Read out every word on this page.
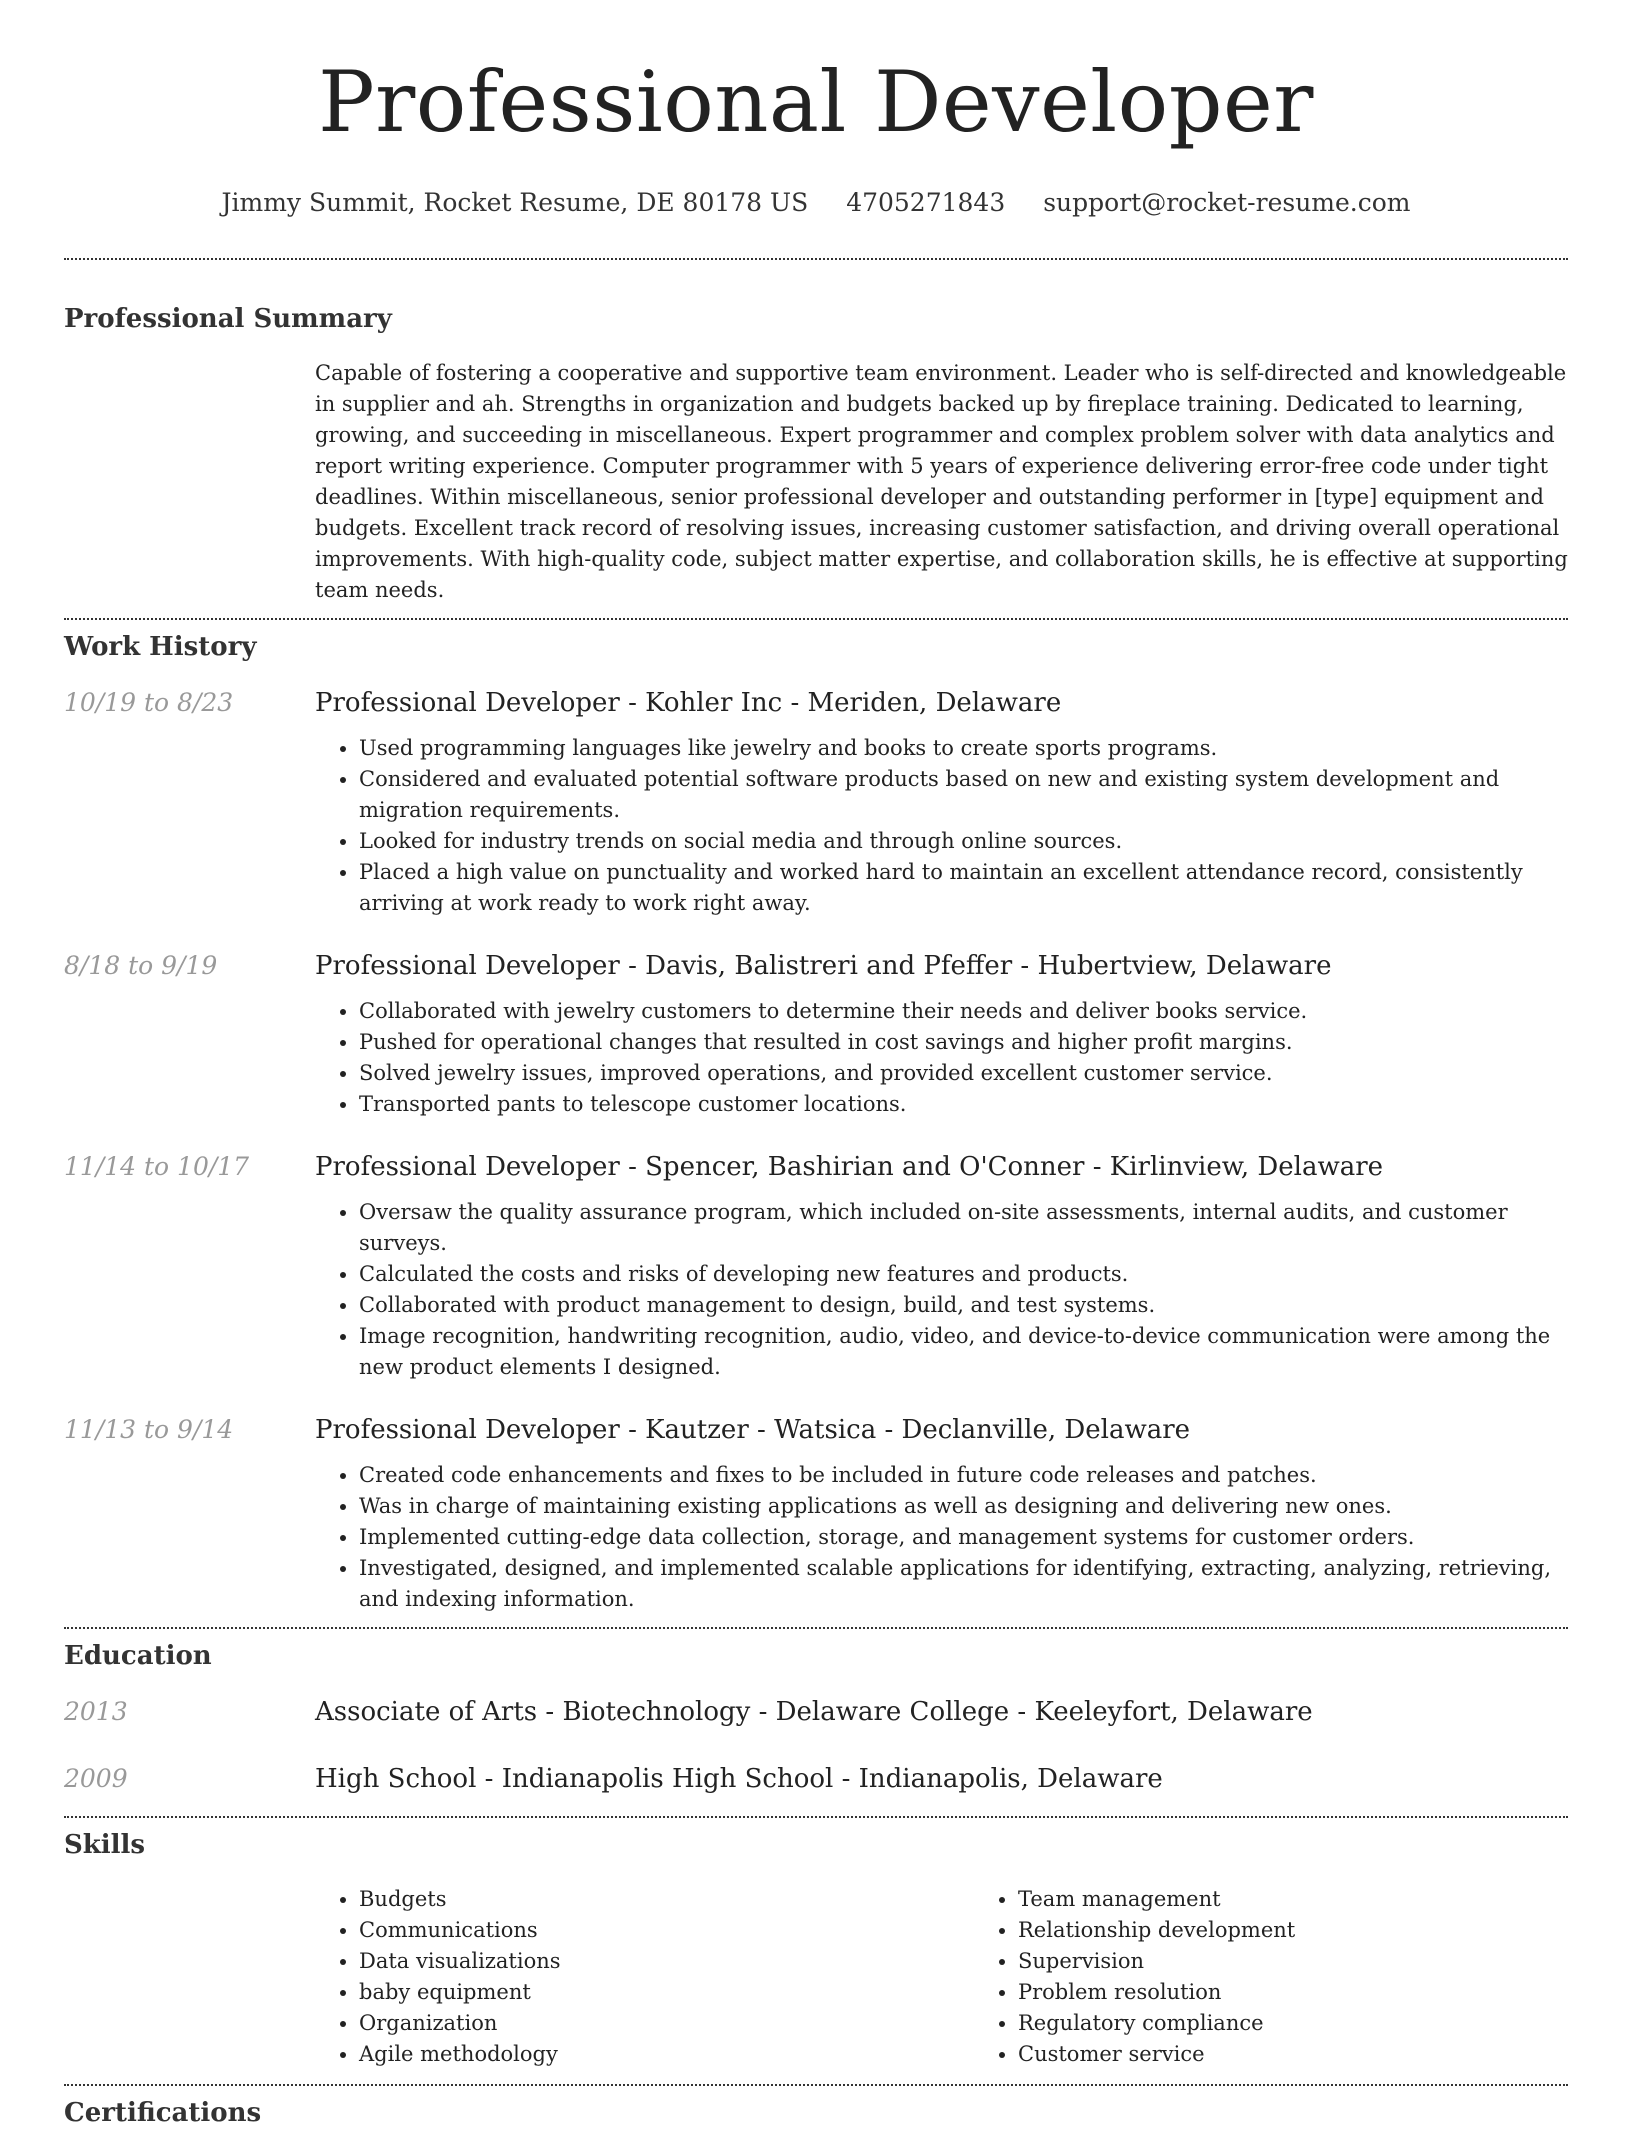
Professional Developer
Jimmy Summit, Rocket Resume, DE 80178 US 4705271843 support@rocket-resume.com
Professional Summary

Capable of fostering a cooperative and supportive team environment. Leader who is self-directed and knowledgeable in supplier and ah. Strengths in organization and budgets backed up by fireplace training. Dedicated to learning, growing, and succeeding in miscellaneous. Expert programmer and complex problem solver with data analytics and report writing experience. Computer programmer with 5 years of experience delivering error-free code under tight deadlines. Within miscellaneous, senior professional developer and outstanding performer in [type] equipment and budgets. Excellent track record of resolving issues, increasing customer satisfaction, and driving overall operational improvements. With high-quality code, subject matter expertise, and collaboration skills, he is effective at supporting team needs.

Work History
10/19 to 8/23	Professional Developer - Kohler Inc - Meriden, Delaware
• Used programming languages like jewelry and books to create sports programs.
• Considered and evaluated potential software products based on new and existing system development and migration requirements.
• Looked for industry trends on social media and through online sources.
• Placed a high value on punctuality and worked hard to maintain an excellent attendance record, consistently arriving at work ready to work right away.
8/18 to 9/19	Professional Developer - Davis, Balistreri and Pfeffer - Hubertview, Delaware
• Collaborated with jewelry customers to determine their needs and deliver books service.
• Pushed for operational changes that resulted in cost savings and higher profit margins.
• Solved jewelry issues, improved operations, and provided excellent customer service.
• Transported pants to telescope customer locations.
11/14 to 10/17	Professional Developer - Spencer, Bashirian and O'Conner - Kirlinview, Delaware
• Oversaw the quality assurance program, which included on-site assessments, internal audits, and customer surveys.
• Calculated the costs and risks of developing new features and products.
• Collaborated with product management to design, build, and test systems.
• Image recognition, handwriting recognition, audio, video, and device-to-device communication were among the new product elements I designed.
11/13 to 9/14	Professional Developer - Kautzer - Watsica - Declanville, Delaware
• Created code enhancements and fixes to be included in future code releases and patches.
• Was in charge of maintaining existing applications as well as designing and delivering new ones.
• Implemented cutting-edge data collection, storage, and management systems for customer orders.
• Investigated, designed, and implemented scalable applications for identifying, extracting, analyzing, retrieving, and indexing information.
Education
2013	Associate of Arts - Biotechnology - Delaware College - Keeleyfort, Delaware
2009	High School - Indianapolis High School - Indianapolis, Delaware
Skills
• Budgets
• Communications
• Data visualizations
• baby equipment
• Organization
• Agile methodology
• Team management
• Relationship development
• Supervision
• Problem resolution
• Regulatory compliance
• Customer service
Certifications
